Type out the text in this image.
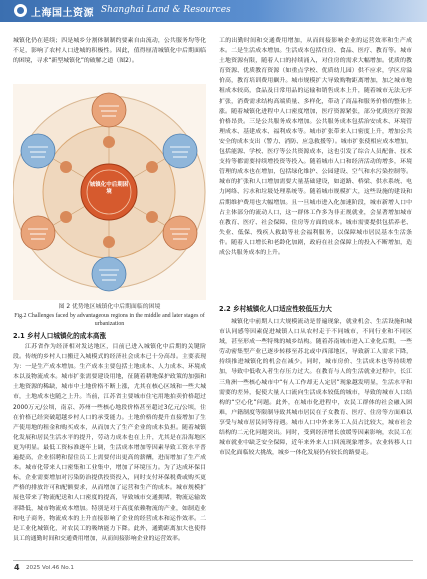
上海国土资源 Shanghai Land & Resources

城镇化仍在延续；四是城乡分割体制制约要素自由流动，公共服务均等化不足，影响了农村人口进城的积极性。因此，值得厘清城镇化中后期面临的困境，寻求“新型城镇化”的破解之道（图2）。

城镇化中后期困境
图 2 优势地区城镇化中后期面临的困境
Fig.2 Challenges faced by advantageous regions in the middle and later stages of urbanization
2.1 乡村人口城镇化的成本高涨

江苏省作为经济相对发达地区，目前已进入城镇化中后期的关键阶段。传统的乡村人口搬迁入城模式的经济社会成本已十分高昂。主要表现为：一是生产成本增加。生产成本主要包括土地成本、人力成本、环境成本以及物流成本。城市扩张需要建设用地，征随着耕地保护政策的加强和土地资源的稀缺，城市中土地价格不断上涨，尤其在核心区域和一些大城市，土地成本也随之上升。当前，江苏省主要城市住宅用地拍卖价格超过2000万元/公顷，南京、苏州一些核心地段价格甚至超过3亿元/公顷，住在价格已经突破超越乡村人口的承受能力。土地价格的提升直接增加了生产使用地的租金和购买成本，从而加大了生产企业的成本负担。随着城镇化发展和居民生活水平的提升，劳动力成本也在上升，尤其是在沿海地区更为明显。最低工资标准逐年上调，生活成本增加等因素导致工资水平普遍提高，企业招聘和留住员工上需要付出更高的薪酬，进而增加了生产成本。城市化带来人口密集和工业集中，增加了环境压力。为了达成环保目标，企业需要增加对污染防治提供投资投入，同时支付环保税费或购买更严格的排放许可和配额要求，从而增加了运营和生产的成本。城市规模扩展也带来了物流配送和人口密度的提高，导致城市交通拥堵，物流运输效率降低，城市物流成本增加。特别是对于高度依赖物流的产业，如制造业和电子商务，物流成本的上升直接影响了企业的经营成本和运作效率。二是工业化城镇化，对农民工的吸纳能力下降。此外，通勤距离加大也使得员工的通勤时间和交通费用增加，从而间接影响企业的运营效率。

工的出勤时间和交通费用增加，从而间接影响企业的运营效率和生产成本。二是生活成本增加。生活成本包括住房、食品、医疗、教育等。城市土地资源有限，随着人口的持续涌入，对住房的需求大幅增加。优质的教育资源、优质教育资源（如重点学校、优质幼儿园）供不应求，学区房溢价高，教育培训费用飙升。城市规模扩大导致购物距离增加，加之城市地租成本较高，食品及日常用品的运输和销售成本上升，随着城市无法无序扩张，消费需求结构高端质量、多样化，带动了商品和服务价格的整体上涨。随着城镇化进程中人口密度增加，医疗资源紧张，部分优质医疗资源价格昂贵。三是公共服务成本增加。公共服务成本包括治安成本、环境管理成本、基建成本、福利成本等。城市扩张带来人口密度上升，增加公共安全的成本支出（警力、消防、应急救援等）。城市扩张使相应成本增加，包括能源、学校、医疗等公共资源成本，这也引发了综合人员配备、技术支持等都需要持续增投资等投入。随着城市人口和经济活动的增多，环境管理的成本也在增加，包括绿化维护、公园建设、空气和水污染控制等。城市的扩张和人口增加需要大量基础建设，如道路、桥梁、供水系统、电力网络、污水和垃圾处理系统等。随着城市规模扩大，这些设施的建设和后期维护费用也大幅增加。且一旦城市进入化加速阶段，城市新增人口中占主体部分的流动人口，这一群体工作多为非正规就业，会显著增加城市在教育、医疗、社会保障、住房等方面的成本。城市需要提供包括养老、失业、低保、残疾人救助等社会福利服务，以保障城市居民基本生活条件。随着人口增长和老龄化加剧，政府在社会保障上的投入不断增加，造成公共服务成本的上升。

2.2 乡村城镇化人口适应性较低压力大

城镇化中前期人口大规模流动是普遍现象，就业机会、生活设施和城市认同感等因素促进城镇人口从农村走于不同城市，不同行业和不同区域，甚至形成一些特殊的城乡结构。随着苏南城市进入工业化后期，一些劳动密集型产业已逐步转移至苏北或中西部地区，导致新工人需求下降，持续推进城镇化的机会在减少。同时，城市房价、生活成本也等持续增加，导致中低收入者生存压力过大。在教育与人的生活就业过程中，长江三角洲一些核心城市中“有人工作却无人定居”现象越发明显，生活水平和需要的差异，促使大量人口流向生活成本较低的城市，导致的城市人口结构的“空心化”问题。此外，在城市化进程中，农民工群体的社会融入困难，户籍制度等限制导致其城市居民在子女教育、医疗、住房等方面难以享受与城市居民同等待遇。城市人口中外来务工人员占比较大，城市社会结构的二元化问题突出。同时，受到经济增长放缓等因素影响，农民工在城市就业中缺乏安全保障，近年来外来人口回流现象增多。农业转移人口市民化面临较大挑战，城乡一体化发展仍有较长的路要走。

4 2025 Vol.46 No.1
